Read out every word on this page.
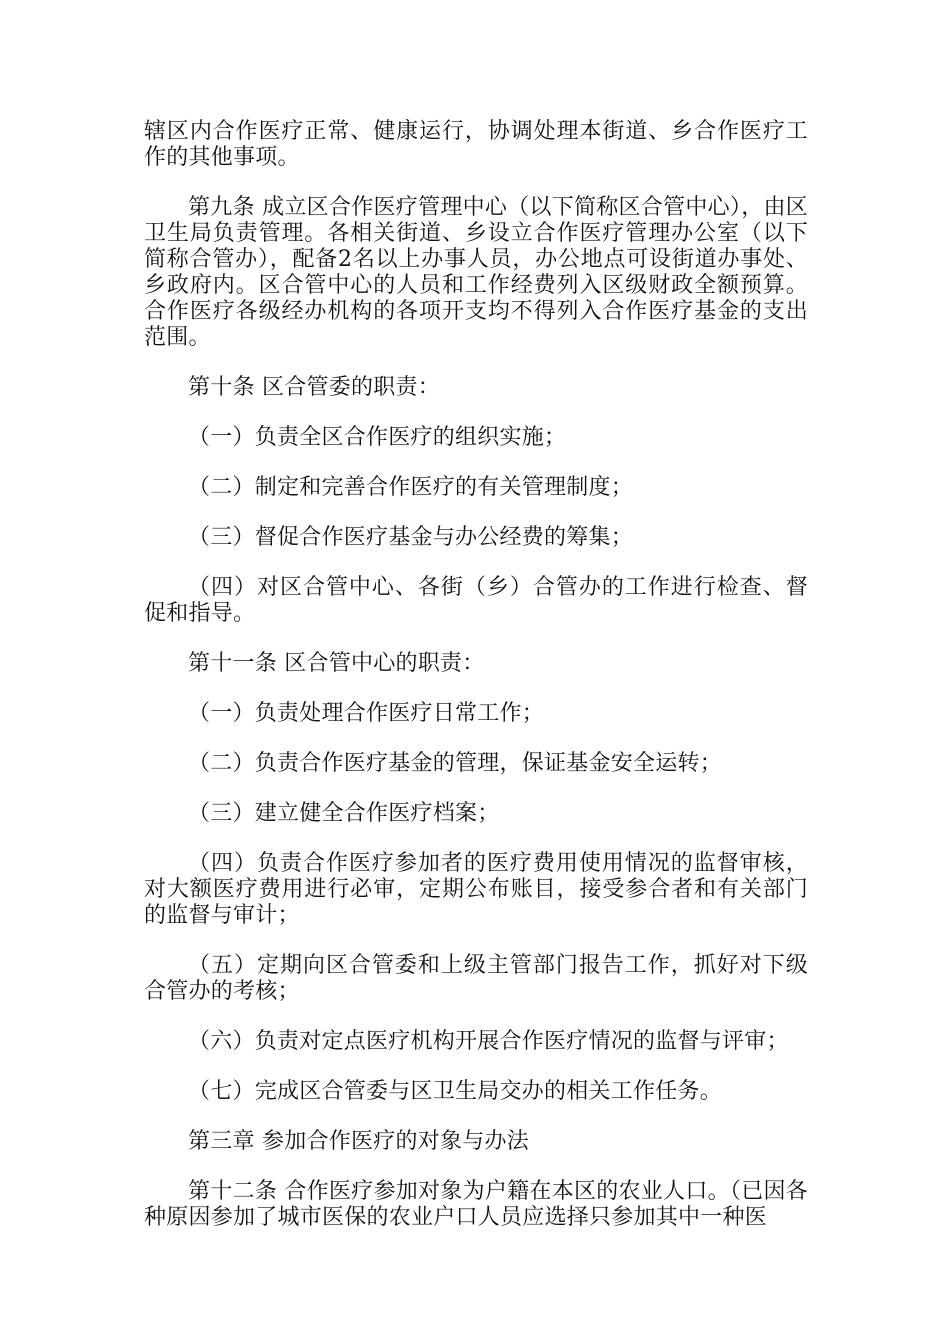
辖区内合作医疗正常、健康运行，协调处理本街道、乡合作医疗工作的其他事项。

第九条 成立区合作医疗管理中心（以下简称区合管中心），由区卫生局负责管理。各相关街道、乡设立合作医疗管理办公室（以下简称合管办），配备2名以上办事人员，办公地点可设街道办事处、乡政府内。区合管中心的人员和工作经费列入区级财政全额预算。合作医疗各级经办机构的各项开支均不得列入合作医疗基金的支出范围。

第十条 区合管委的职责：

（一）负责全区合作医疗的组织实施；

（二）制定和完善合作医疗的有关管理制度；

（三）督促合作医疗基金与办公经费的筹集；

（四）对区合管中心、各街（乡）合管办的工作进行检查、督促和指导。

第十一条 区合管中心的职责：

（一）负责处理合作医疗日常工作；

（二）负责合作医疗基金的管理，保证基金安全运转；

（三）建立健全合作医疗档案；

（四）负责合作医疗参加者的医疗费用使用情况的监督审核，对大额医疗费用进行必审，定期公布账目，接受参合者和有关部门的监督与审计；

（五）定期向区合管委和上级主管部门报告工作，抓好对下级合管办的考核；

（六）负责对定点医疗机构开展合作医疗情况的监督与评审；

（七）完成区合管委与区卫生局交办的相关工作任务。

第三章 参加合作医疗的对象与办法

第十二条 合作医疗参加对象为户籍在本区的农业人口。（已因各种原因参加了城市医保的农业户口人员应选择只参加其中一种医
